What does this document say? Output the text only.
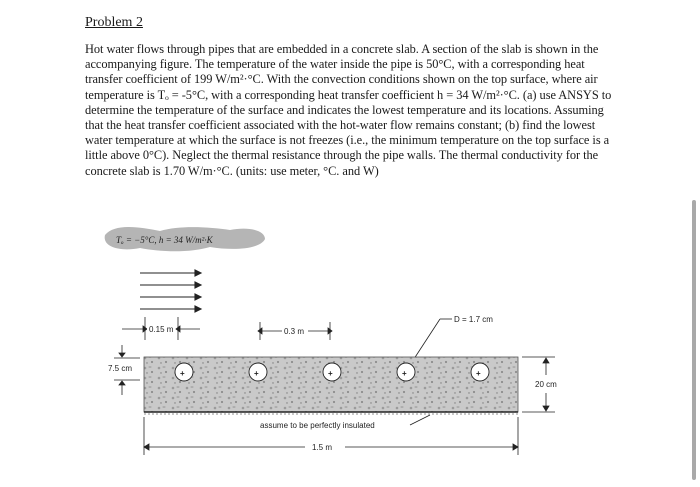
Problem 2
Hot water flows through pipes that are embedded in a concrete slab. A section of the slab is shown in the accompanying figure. The temperature of the water inside the pipe is 50°C, with a corresponding heat transfer coefficient of 199 W/m²·°C. With the convection conditions shown on the top surface, where air temperature is Tₒ = -5°C, with a corresponding heat transfer coefficient h = 34 W/m²·°C. (a) use ANSYS to determine the temperature of the surface and indicates the lowest temperature and its locations. Assuming that the heat transfer coefficient associated with the hot-water flow remains constant; (b) find the lowest water temperature at which the surface is not freezes (i.e., the minimum temperature on the top surface is a little above 0°C). Neglect the thermal resistance through the pipe walls. The thermal conductivity for the concrete slab is 1.70 W/m·°C. (units: use meter, °C. and W)
Tₒ = −5°C, h = 34 W/m²·K
0.15 m	0.3 m
D = 1.7 cm
7.5 cm
+	+	+	+	+
20 cm
assume to be perfectly insulated
1.5 m
